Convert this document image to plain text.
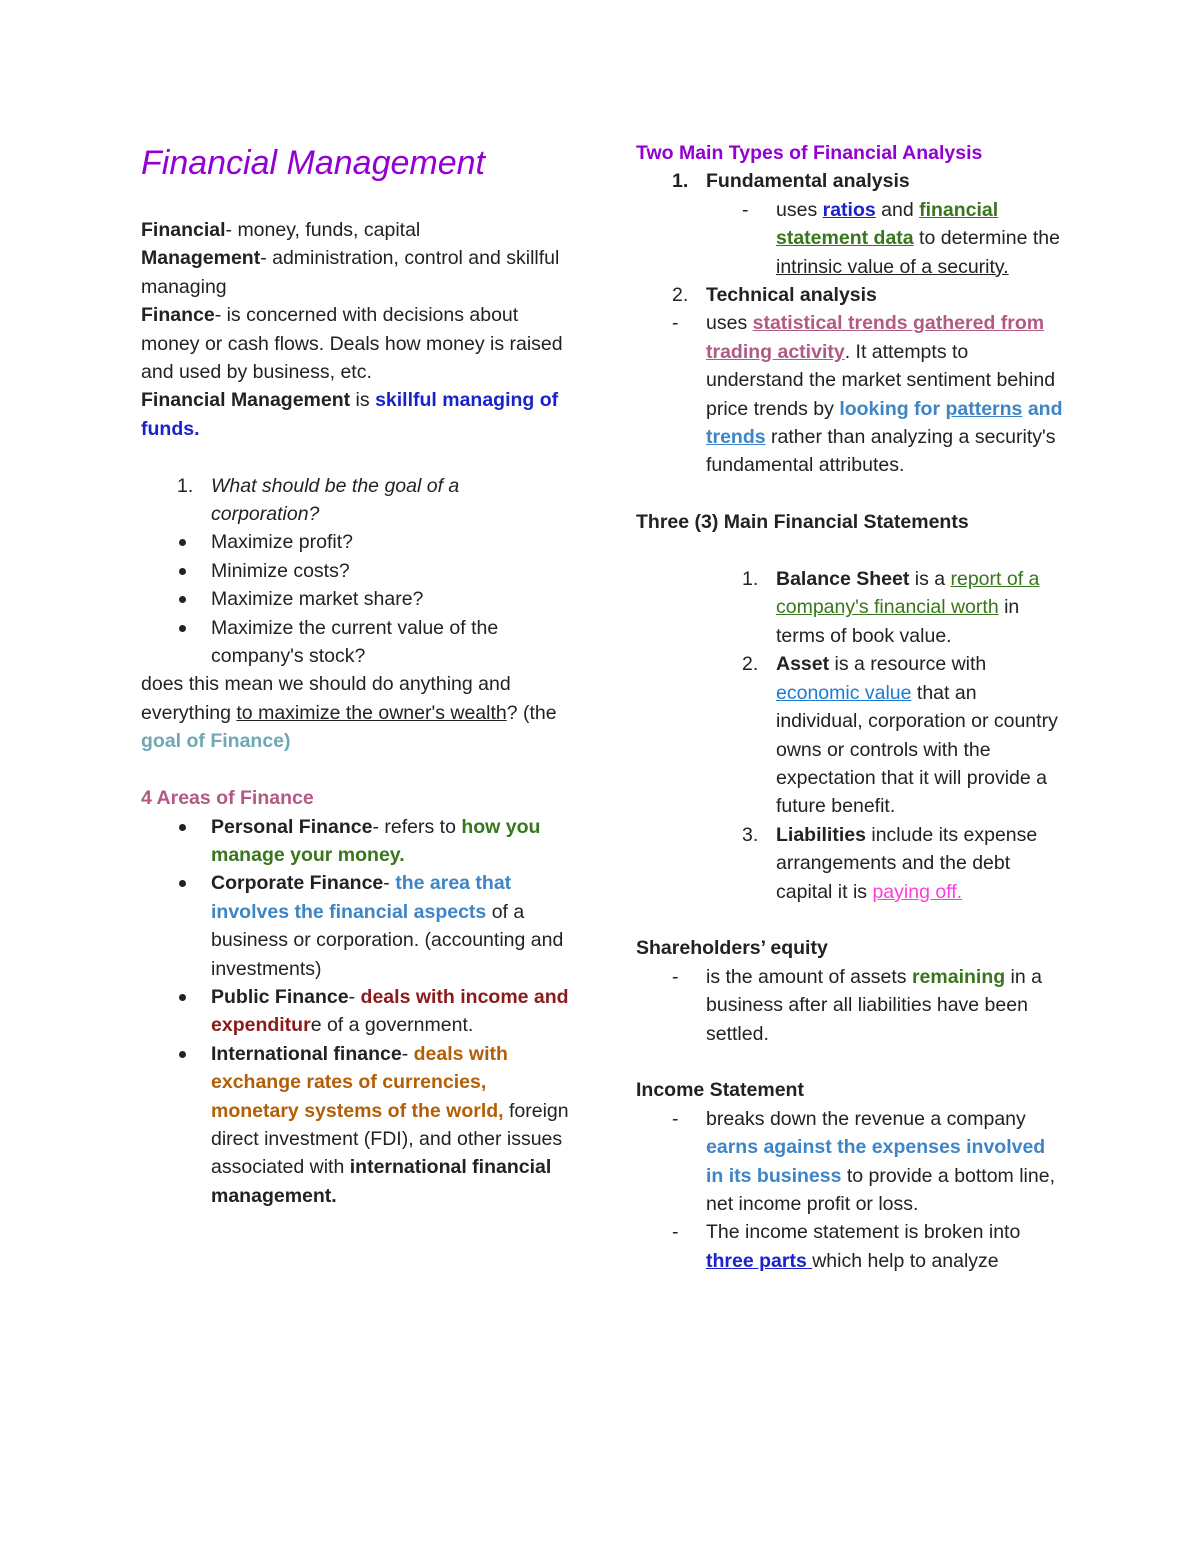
Financial Management

Financial- money, funds, capital

Management- administration, control and skillful managing

Finance- is concerned with decisions about money or cash flows. Deals how money is raised and used by business, etc.

Financial Management is skillful managing of funds.

1. What should be the goal of a corporation?
Maximize profit?
Minimize costs?
Maximize market share?
Maximize the current value of the company's stock?

does this mean we should do anything and everything to maximize the owner's wealth? (the goal of Finance)

4 Areas of Finance

Personal Finance- refers to how you manage your money.
Corporate Finance- the area that involves the financial aspects of a business or corporation. (accounting and investments)
Public Finance- deals with income and expenditure of a government.
International finance- deals with exchange rates of currencies, monetary systems of the world, foreign direct investment (FDI), and other issues associated with international financial management.

Two Main Types of Financial Analysis

1. Fundamental analysis
- uses ratios and financial statement data to determine the intrinsic value of a security.
2. Technical analysis
- uses statistical trends gathered from trading activity. It attempts to understand the market sentiment behind price trends by looking for patterns and trends rather than analyzing a security's fundamental attributes.

Three (3) Main Financial Statements

1. Balance Sheet is a report of a company's financial worth in terms of book value.
2. Asset is a resource with economic value that an individual, corporation or country owns or controls with the expectation that it will provide a future benefit.
3. Liabilities include its expense arrangements and the debt capital it is paying off.

Shareholders’ equity

- is the amount of assets remaining in a business after all liabilities have been settled.

Income Statement

- breaks down the revenue a company earns against the expenses involved in its business to provide a bottom line, net income profit or loss.
- The income statement is broken into three parts which help to analyze
